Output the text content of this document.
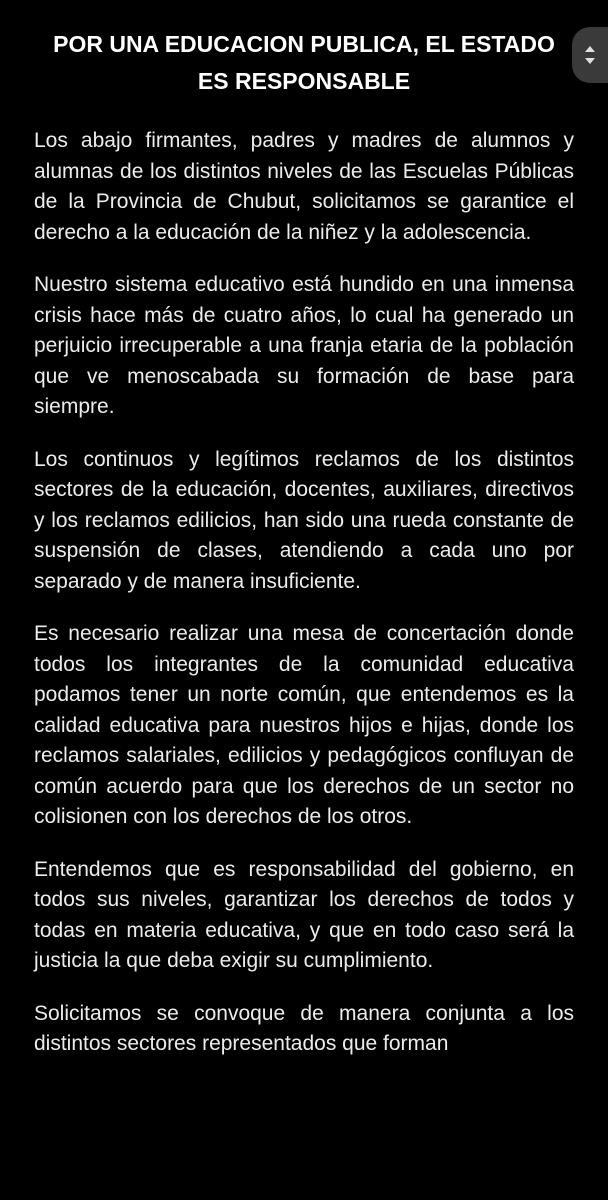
POR UNA EDUCACION PUBLICA, EL ESTADO ES RESPONSABLE

Los abajo firmantes, padres y madres de alumnos y alumnas de los distintos niveles de las Escuelas Públicas de la Provincia de Chubut, solicitamos se garantice el derecho a la educación de la niñez y la adolescencia.

Nuestro sistema educativo está hundido en una inmensa crisis hace más de cuatro años, lo cual ha generado un perjuicio irrecuperable a una franja etaria de la población que ve menoscabada su formación de base para siempre.

Los continuos y legítimos reclamos de los distintos sectores de la educación, docentes, auxiliares, directivos y los reclamos edilicios, han sido una rueda constante de suspensión de clases, atendiendo a cada uno por separado y de manera insuficiente.

Es necesario realizar una mesa de concertación donde todos los integrantes de la comunidad educativa podamos tener un norte común, que entendemos es la calidad educativa para nuestros hijos e hijas, donde los reclamos salariales, edilicios y pedagógicos confluyan de común acuerdo para que los derechos de un sector no colisionen con los derechos de los otros.

Entendemos que es responsabilidad del gobierno, en todos sus niveles, garantizar los derechos de todos y todas en materia educativa, y que en todo caso será la justicia la que deba exigir su cumplimiento.

Solicitamos se convoque de manera conjunta a los distintos sectores representados que forman
